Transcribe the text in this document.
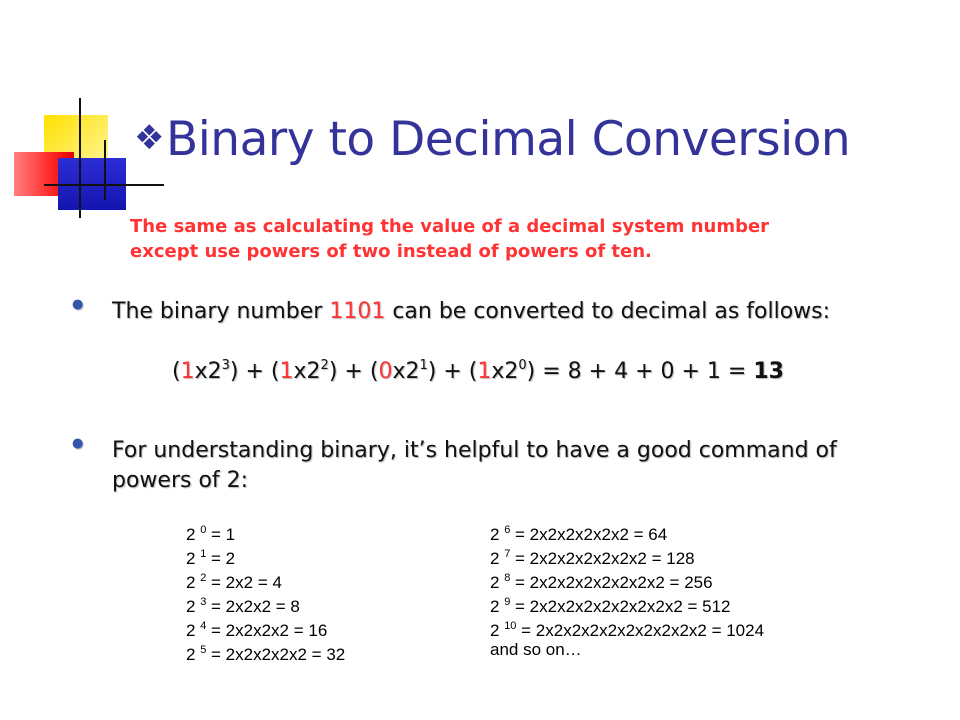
❖Binary to Decimal Conversion
The same as calculating the value of a decimal system number
except use powers of two instead of powers of ten.
● The binary number 1101 can be converted to decimal as follows:
$(1x2^3) + (1x2^2) + (0x2^1) + (1x2^0) = 8 + 4 + 0 + 1 = 13$
● For understanding binary, it’s helpful to have a good command of
powers of 2:
2 $^0$ = 1
2 $^1$ = 2
2 $^2$ = 2x2 = 4
2 $^3$ = 2x2x2 = 8
2 $^4$ = 2x2x2x2 = 16
2 $^5$ = 2x2x2x2x2 = 32
2 $^6$ = 2x2x2x2x2x2 = 64
2 $^7$ = 2x2x2x2x2x2x2 = 128
2 $^8$ = 2x2x2x2x2x2x2x2 = 256
2 $^9$ = 2x2x2x2x2x2x2x2x2 = 512
2 $^{10}$ = 2x2x2x2x2x2x2x2x2x2 = 1024
and so on…
